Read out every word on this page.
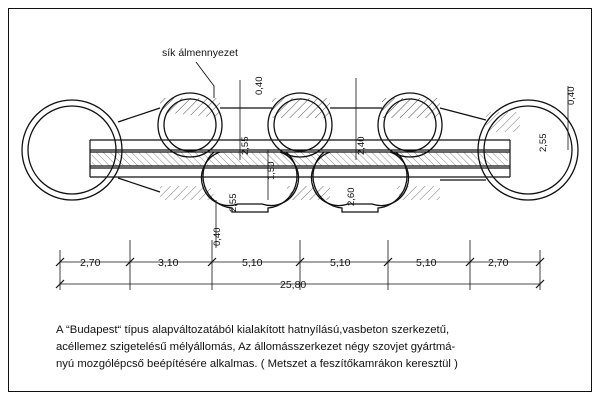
sík álmennyezet
0,40
0,40
2,55
1,50
2,55
2,40
2,60
2,55
0,40
2,70	3,10	5,10	5,10	5,10	2,70
25,80
A “Budapest“ típus alapváltozatából kialakított hatnyílású,vasbeton szerkezetű,
acéllemez szigetelésű mélyállomás, Az állomásszerkezet négy szovjet gyártmá-
nyú mozgólépcső beépítésére alkalmas. ( Metszet a feszítőkamrákon keresztül )
